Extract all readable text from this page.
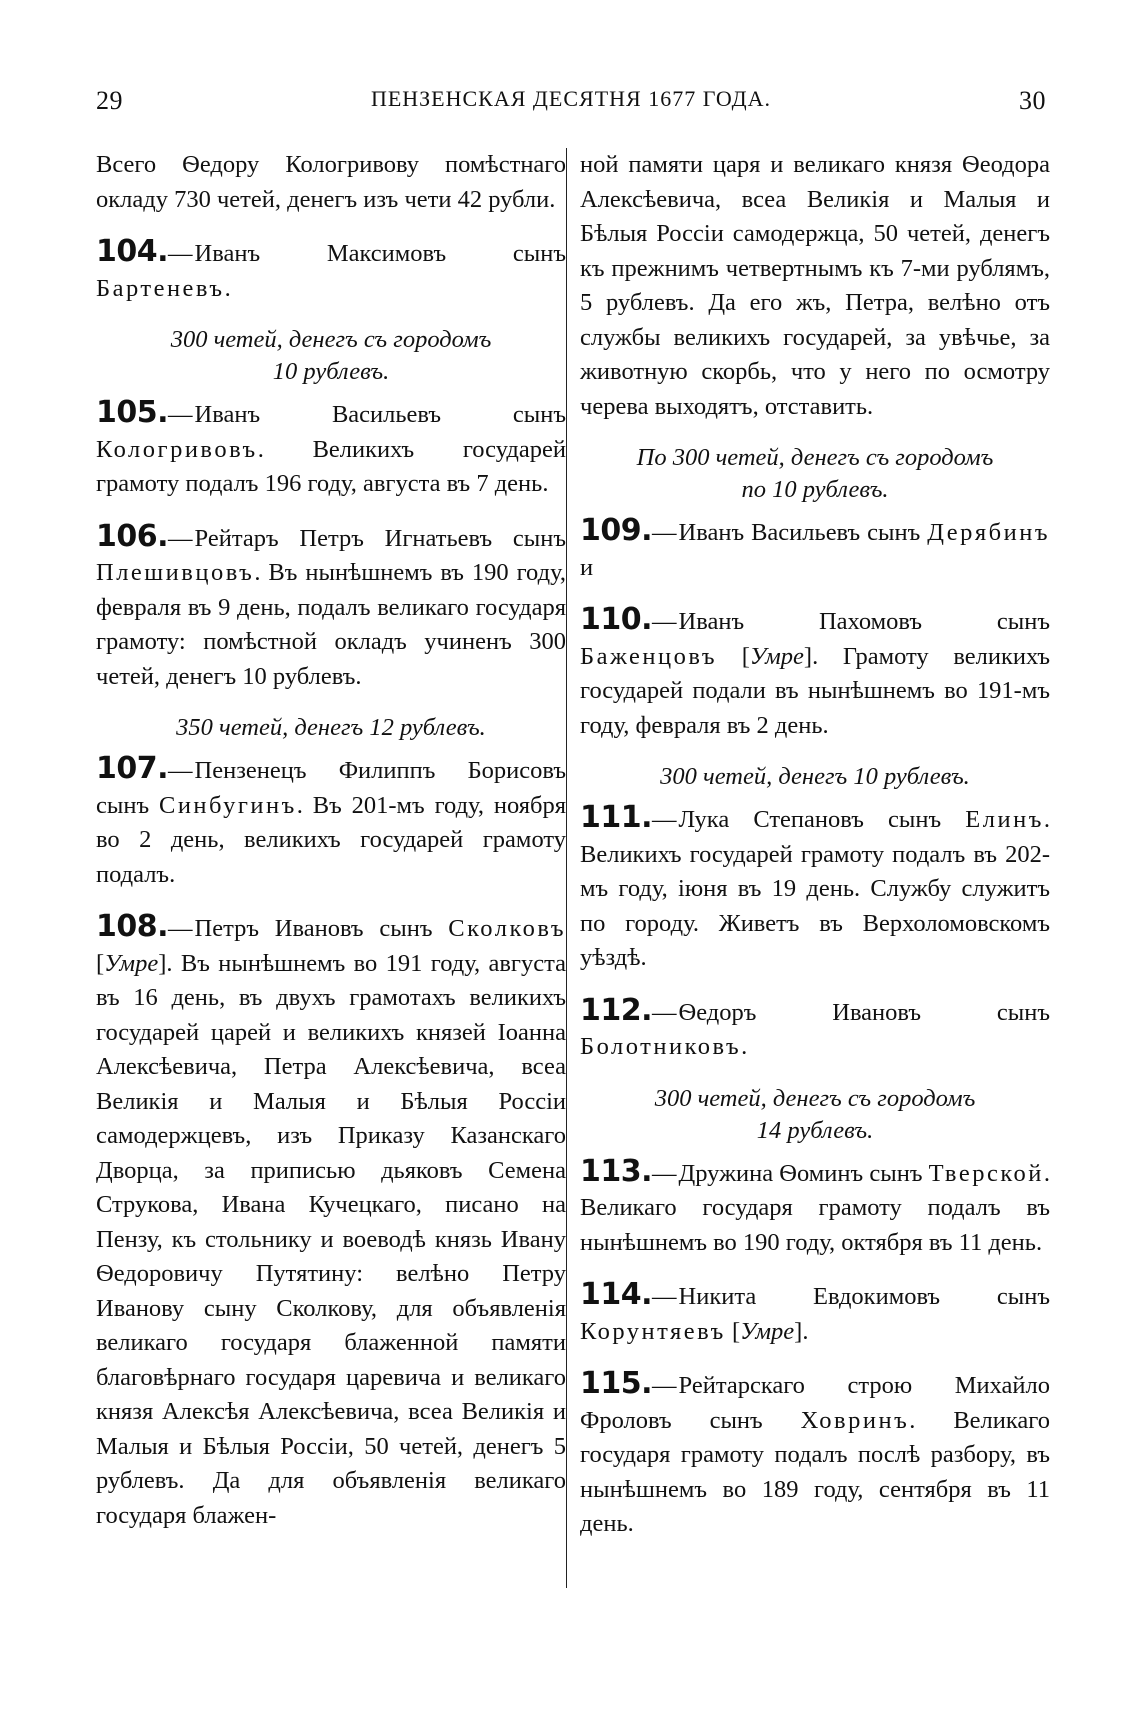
29	ПЕНЗЕНСКАЯ ДЕСЯТНЯ 1677 ГОДА.	30

Всего Ѳедору Кологривову помѣстнаго окладу 730 четей, денегъ изъ чети 42 рубли.

104.—Иванъ Максимовъ сынъ Бартеневъ.

300 четей, денегъ съ городомъ
10 рублевъ.

105.—Иванъ Васильевъ сынъ Кологривовъ. Великихъ государей грамоту подалъ 196 году, августа въ 7 день.

106.—Рейтаръ Петръ Игнатьевъ сынъ Плешивцовъ. Въ нынѣшнемъ въ 190 году, февраля въ 9 день, подалъ великаго государя грамоту: помѣстной окладъ учиненъ 300 четей, денегъ 10 рублевъ.

350 четей, денегъ 12 рублевъ.

107.—Пензенецъ Филиппъ Борисовъ сынъ Синбугинъ. Въ 201-мъ году, ноября во 2 день, великихъ государей грамоту подалъ.

108.—Петръ Ивановъ сынъ Сколковъ [Умре]. Въ нынѣшнемъ во 191 году, августа въ 16 день, въ двухъ грамотахъ великихъ государей царей и великихъ князей Іоанна Алексѣевича, Петра Алексѣевича, всеа Великія и Малыя и Бѣлыя Россіи самодержцевъ, изъ Приказу Казанскаго Дворца, за приписью дьяковъ Семена Струкова, Ивана Кучецкаго, писано на Пензу, къ стольнику и воеводѣ князь Ивану Ѳедоровичу Путятину: велѣно Петру Иванову сыну Сколкову, для объявленія великаго государя блаженной памяти благовѣрнаго государя царевича и великаго князя Алексѣя Алексѣевича, всеа Великія и Малыя и Бѣлыя Россіи, 50 четей, денегъ 5 рублевъ. Да для объявленія великаго государя блажен-

ной памяти царя и великаго князя Ѳеодора Алексѣевича, всеа Великія и Малыя и Бѣлыя Россіи самодержца, 50 четей, денегъ къ прежнимъ четвертнымъ къ 7-ми рублямъ, 5 рублевъ. Да его жъ, Петра, велѣно отъ службы великихъ государей, за увѣчье, за животную скорбь, что у него по осмотру черева выходятъ, отставить.

По 300 четей, денегъ съ городомъ
по 10 рублевъ.

109.—Иванъ Васильевъ сынъ Дерябинъ и

110.—Иванъ Пахомовъ сынъ Баженцовъ [Умре]. Грамоту великихъ государей подали въ нынѣшнемъ во 191-мъ году, февраля въ 2 день.

300 четей, денегъ 10 рублевъ.

111.—Лука Степановъ сынъ Елинъ. Великихъ государей грамоту подалъ въ 202-мъ году, іюня въ 19 день. Службу служитъ по городу. Живетъ въ Верхоломовскомъ уѣздѣ.

112.—Ѳедоръ Ивановъ сынъ Болотниковъ.

300 четей, денегъ съ городомъ
14 рублевъ.

113.—Дружина Ѳоминъ сынъ Тверской. Великаго государя грамоту подалъ въ нынѣшнемъ во 190 году, октября въ 11 день.

114.—Никита Евдокимовъ сынъ Корунтяевъ [Умре].

115.—Рейтарскаго строю Михайло Фроловъ сынъ Ховринъ. Великаго государя грамоту подалъ послѣ разбору, въ нынѣшнемъ во 189 году, сентября въ 11 день.
